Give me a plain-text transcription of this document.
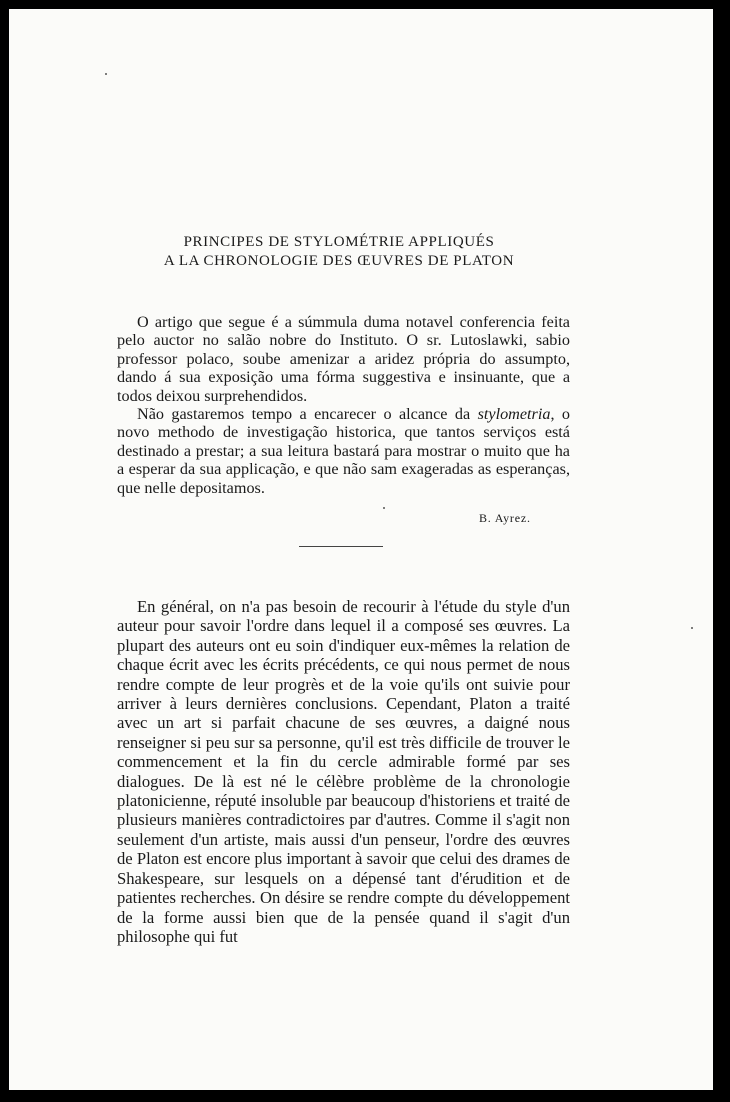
PRINCIPES DE STYLOMÉTRIE APPLIQUÉS
A LA CHRONOLOGIE DES ŒUVRES DE PLATON

O artigo que segue é a súmmula duma notavel conferencia feita pelo auctor no salão nobre do Instituto. O sr. Lutoslawki, sabio professor polaco, soube amenizar a aridez própria do assumpto, dando á sua exposição uma fórma suggestiva e insinuante, que a todos deixou surprehendidos.

Não gastaremos tempo a encarecer o alcance da stylometria, o novo methodo de investigação historica, que tantos serviços está destinado a prestar; a sua leitura bastará para mostrar o muito que ha a esperar da sua applicação, e que não sam exageradas as esperanças, que nelle depositamos.

B. Ayrez.

En général, on n'a pas besoin de recourir à l'étude du style d'un auteur pour savoir l'ordre dans lequel il a composé ses œuvres. La plupart des auteurs ont eu soin d'indiquer eux-mêmes la relation de chaque écrit avec les écrits précédents, ce qui nous permet de nous rendre compte de leur progrès et de la voie qu'ils ont suivie pour arriver à leurs dernières conclusions. Cependant, Platon a traité avec un art si parfait chacune de ses œuvres, a daigné nous renseigner si peu sur sa personne, qu'il est très difficile de trouver le commencement et la fin du cercle admirable formé par ses dialogues. De là est né le célèbre problème de la chronologie platonicienne, réputé insoluble par beaucoup d'historiens et traité de plusieurs manières contradictoires par d'autres. Comme il s'agit non seulement d'un artiste, mais aussi d'un penseur, l'ordre des œuvres de Platon est encore plus important à savoir que celui des drames de Shakespeare, sur lesquels on a dépensé tant d'érudition et de patientes recherches. On désire se rendre compte du développement de la forme aussi bien que de la pensée quand il s'agit d'un philosophe qui fut
